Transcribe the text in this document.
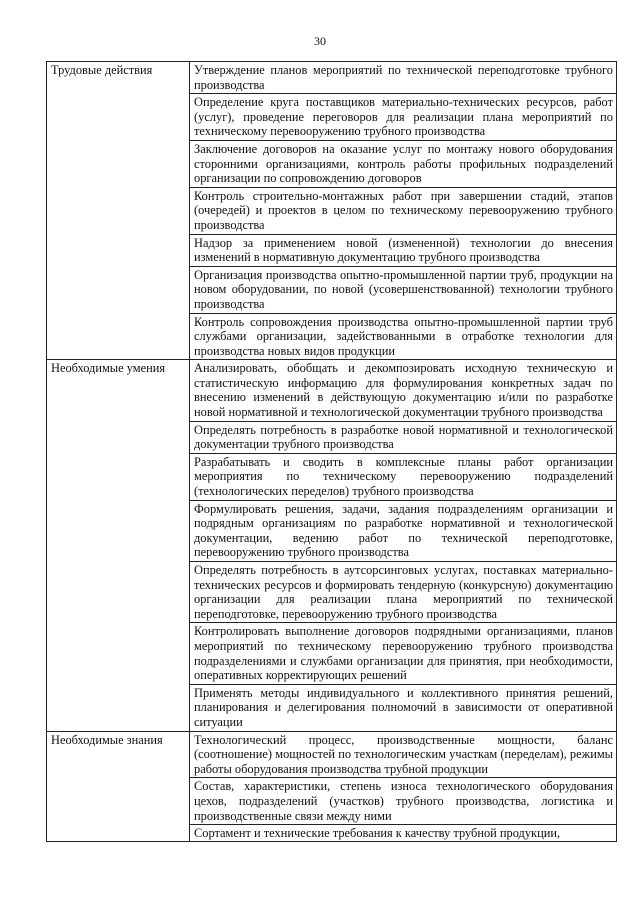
30
Трудовые действия	Утверждение планов мероприятий по технической переподготовке трубного производства
	Определение круга поставщиков материально-технических ресурсов, работ (услуг), проведение переговоров для реализации плана мероприятий по техническому перевооружению трубного производства
	Заключение договоров на оказание услуг по монтажу нового оборудования сторонними организациями, контроль работы профильных подразделений организации по сопровождению договоров
	Контроль строительно-монтажных работ при завершении стадий, этапов (очередей) и проектов в целом по техническому перевооружению трубного производства
	Надзор за применением новой (измененной) технологии до внесения изменений в нормативную документацию трубного производства
	Организация производства опытно-промышленной партии труб, продукции на новом оборудовании, по новой (усовершенствованной) технологии трубного производства
	Контроль сопровождения производства опытно-промышленной партии труб службами организации, задействованными в отработке технологии для производства новых видов продукции
Необходимые умения	Анализировать, обобщать и декомпозировать исходную техническую и статистическую информацию для формулирования конкретных задач по внесению изменений в действующую документацию и/или по разработке новой нормативной и технологической документации трубного производства
	Определять потребность в разработке новой нормативной и технологической документации трубного производства
	Разрабатывать и сводить в комплексные планы работ организации мероприятия по техническому перевооружению подразделений (технологических переделов) трубного производства
	Формулировать решения, задачи, задания подразделениям организации и подрядным организациям по разработке нормативной и технологической документации, ведению работ по технической переподготовке, перевооружению трубного производства
	Определять потребность в аутсорсинговых услугах, поставках материально-технических ресурсов и формировать тендерную (конкурсную) документацию организации для реализации плана мероприятий по технической переподготовке, перевооружению трубного производства
	Контролировать выполнение договоров подрядными организациями, планов мероприятий по техническому перевооружению трубного производства подразделениями и службами организации для принятия, при необходимости, оперативных корректирующих решений
	Применять методы индивидуального и коллективного принятия решений, планирования и делегирования полномочий в зависимости от оперативной ситуации
Необходимые знания	Технологический процесс, производственные мощности, баланс (соотношение) мощностей по технологическим участкам (переделам), режимы работы оборудования производства трубной продукции
	Состав, характеристики, степень износа технологического оборудования цехов, подразделений (участков) трубного производства, логистика и производственные связи между ними
	Сортамент и технические требования к качеству трубной продукции,
